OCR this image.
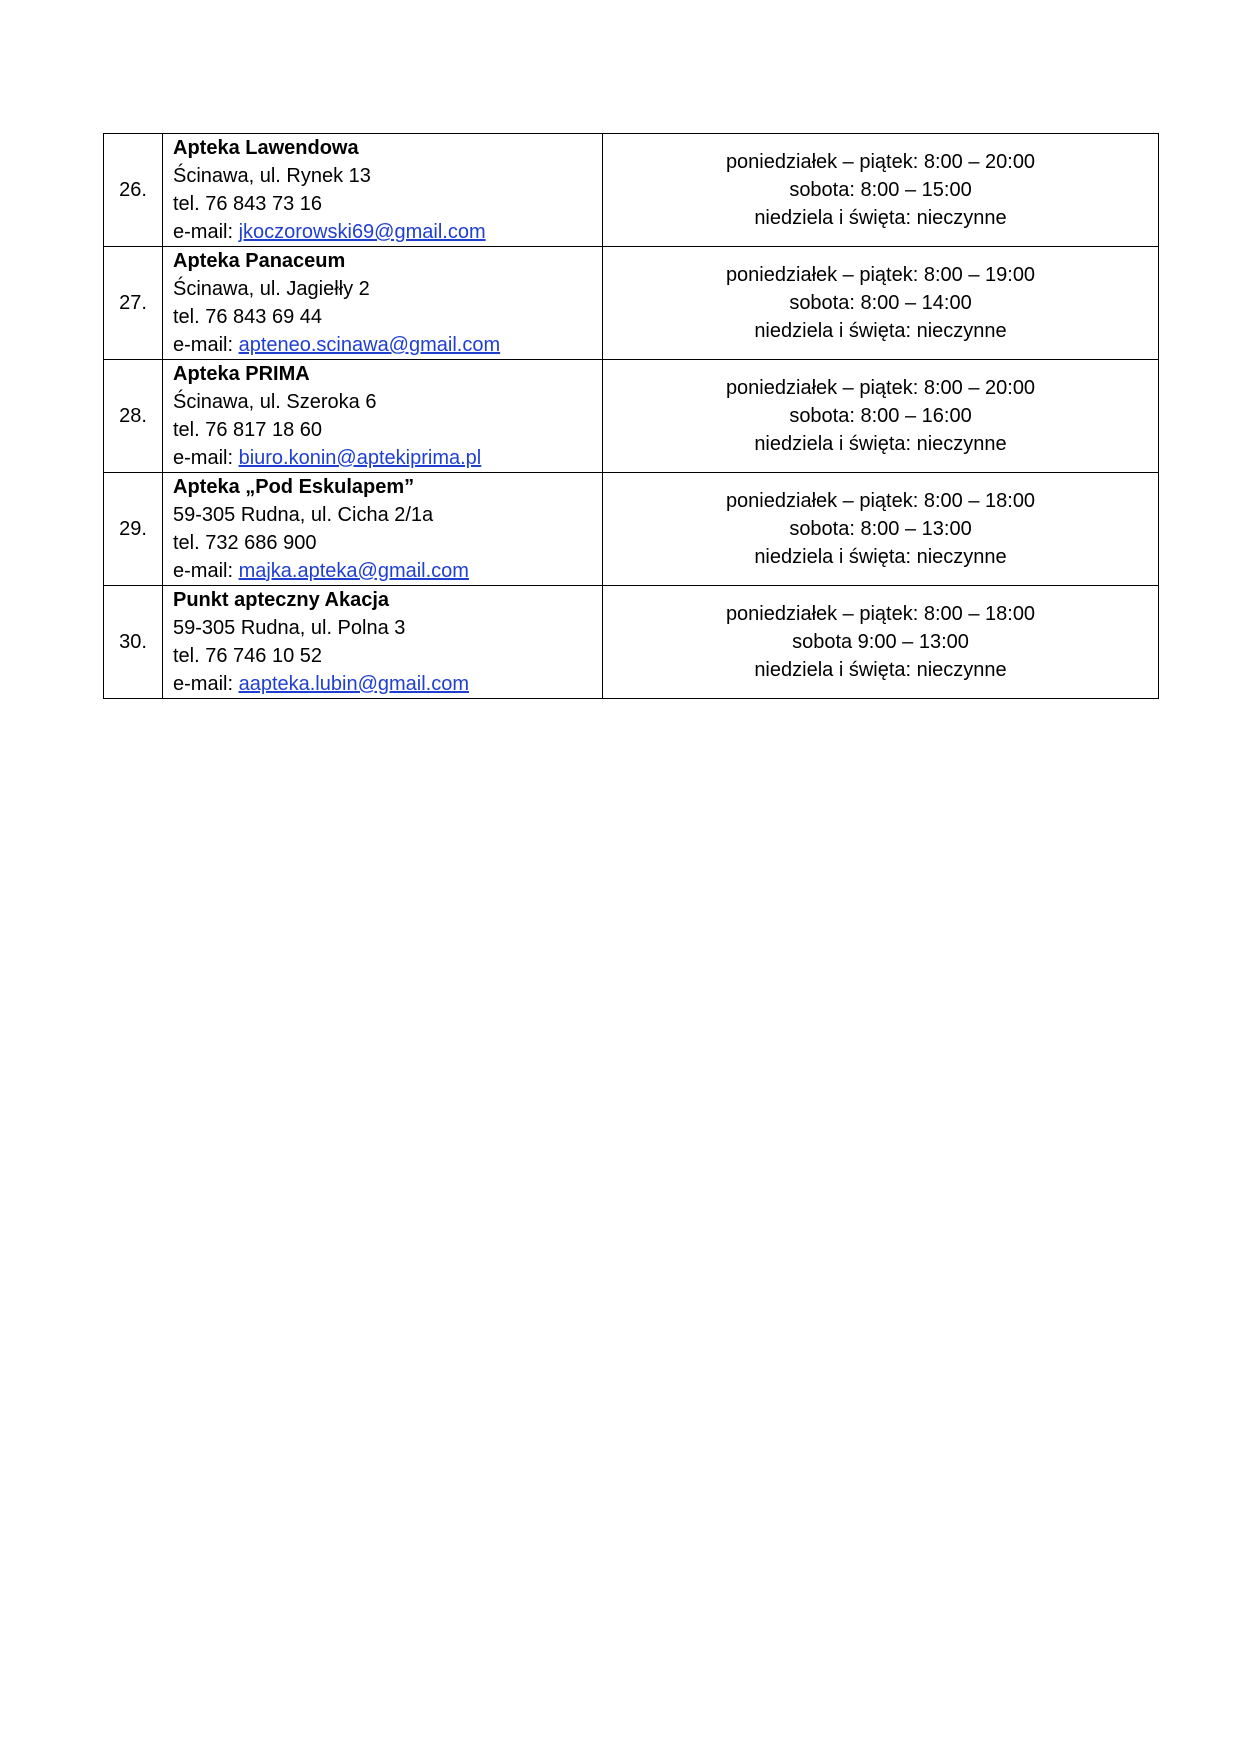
26.	Apteka Lawendowa
Ścinawa, ul. Rynek 13
tel. 76 843 73 16
e-mail: jkoczorowski69@gmail.com	poniedziałek – piątek: 8:00 – 20:00
sobota: 8:00 – 15:00
niedziela i święta: nieczynne

27.	Apteka Panaceum
Ścinawa, ul. Jagiełły 2
tel. 76 843 69 44
e-mail: apteneo.scinawa@gmail.com	poniedziałek – piątek: 8:00 – 19:00
sobota: 8:00 – 14:00
niedziela i święta: nieczynne

28.	Apteka PRIMA
Ścinawa, ul. Szeroka 6
tel. 76 817 18 60
e-mail: biuro.konin@aptekiprima.pl	poniedziałek – piątek: 8:00 – 20:00
sobota: 8:00 – 16:00
niedziela i święta: nieczynne

29.	Apteka „Pod Eskulapem”
59-305 Rudna, ul. Cicha 2/1a
tel. 732 686 900
e-mail: majka.apteka@gmail.com	poniedziałek – piątek: 8:00 – 18:00
sobota: 8:00 – 13:00
niedziela i święta: nieczynne

30.	Punkt apteczny Akacja
59-305 Rudna, ul. Polna 3
tel. 76 746 10 52
e-mail: aapteka.lubin@gmail.com	poniedziałek – piątek: 8:00 – 18:00
sobota 9:00 – 13:00
niedziela i święta: nieczynne
